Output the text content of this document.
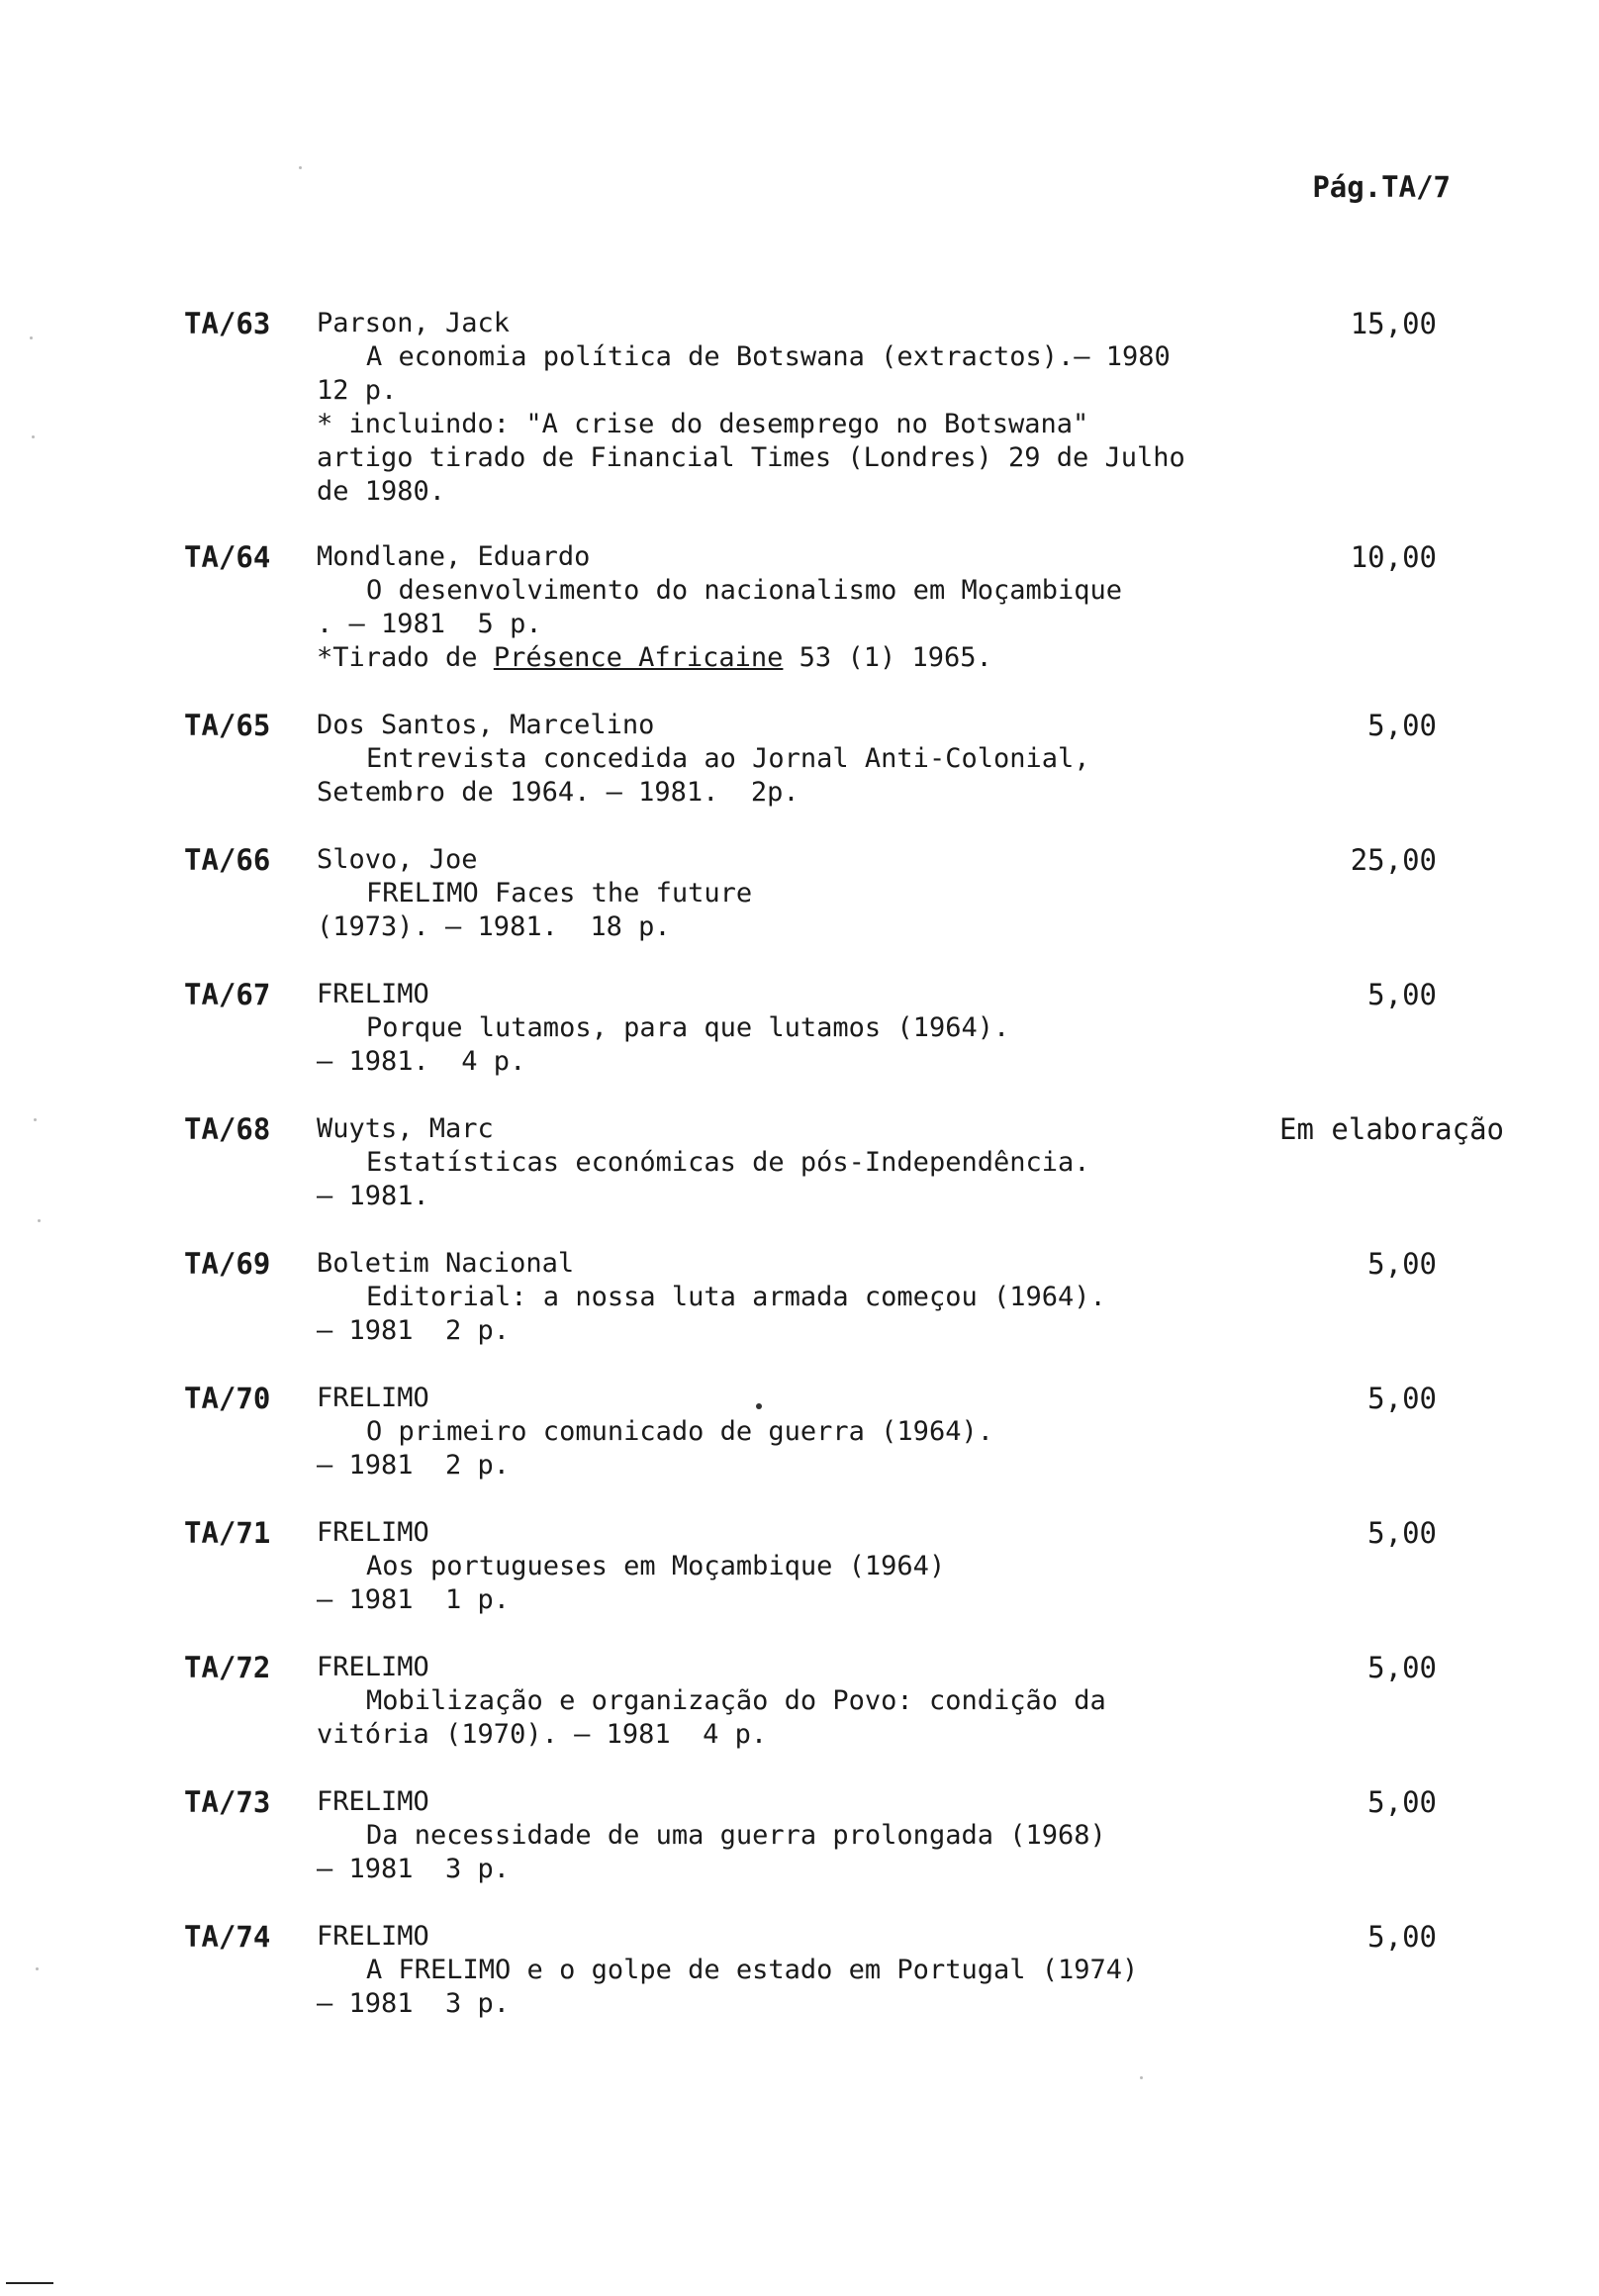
Pág.TA/7
TA/63 Parson, Jack
A economia política de Botswana (extractos).– 1980
12 p.
* incluindo: "A crise do desemprego no Botswana"
artigo tirado de Financial Times (Londres) 29 de Julho
de 1980.
15,00
TA/64 Mondlane, Eduardo
O desenvolvimento do nacionalismo em Moçambique
. — 1981  5 p.
*Tirado de Présence Africaine 53 (1) 1965.
10,00
TA/65 Dos Santos, Marcelino
Entrevista concedida ao Jornal Anti-Colonial,
Setembro de 1964. — 1981.  2p.
5,00
TA/66 Slovo, Joe
FRELIMO Faces the future
(1973). — 1981.  18 p.
25,00
TA/67 FRELIMO
Porque lutamos, para que lutamos (1964).
— 1981.  4 p.
5,00
TA/68 Wuyts, Marc
Estatísticas económicas de pós-Independência.
— 1981.
Em elaboração
TA/69 Boletim Nacional
Editorial: a nossa luta armada começou (1964).
— 1981  2 p.
5,00
TA/70 FRELIMO
O primeiro comunicado de guerra (1964).
— 1981  2 p.
5,00
TA/71 FRELIMO
Aos portugueses em Moçambique (1964)
— 1981  1 p.
5,00
TA/72 FRELIMO
Mobilização e organização do Povo: condição da
vitória (1970). — 1981  4 p.
5,00
TA/73 FRELIMO
Da necessidade de uma guerra prolongada (1968)
— 1981  3 p.
5,00
TA/74 FRELIMO
A FRELIMO e o golpe de estado em Portugal (1974)
— 1981  3 p.
5,00
